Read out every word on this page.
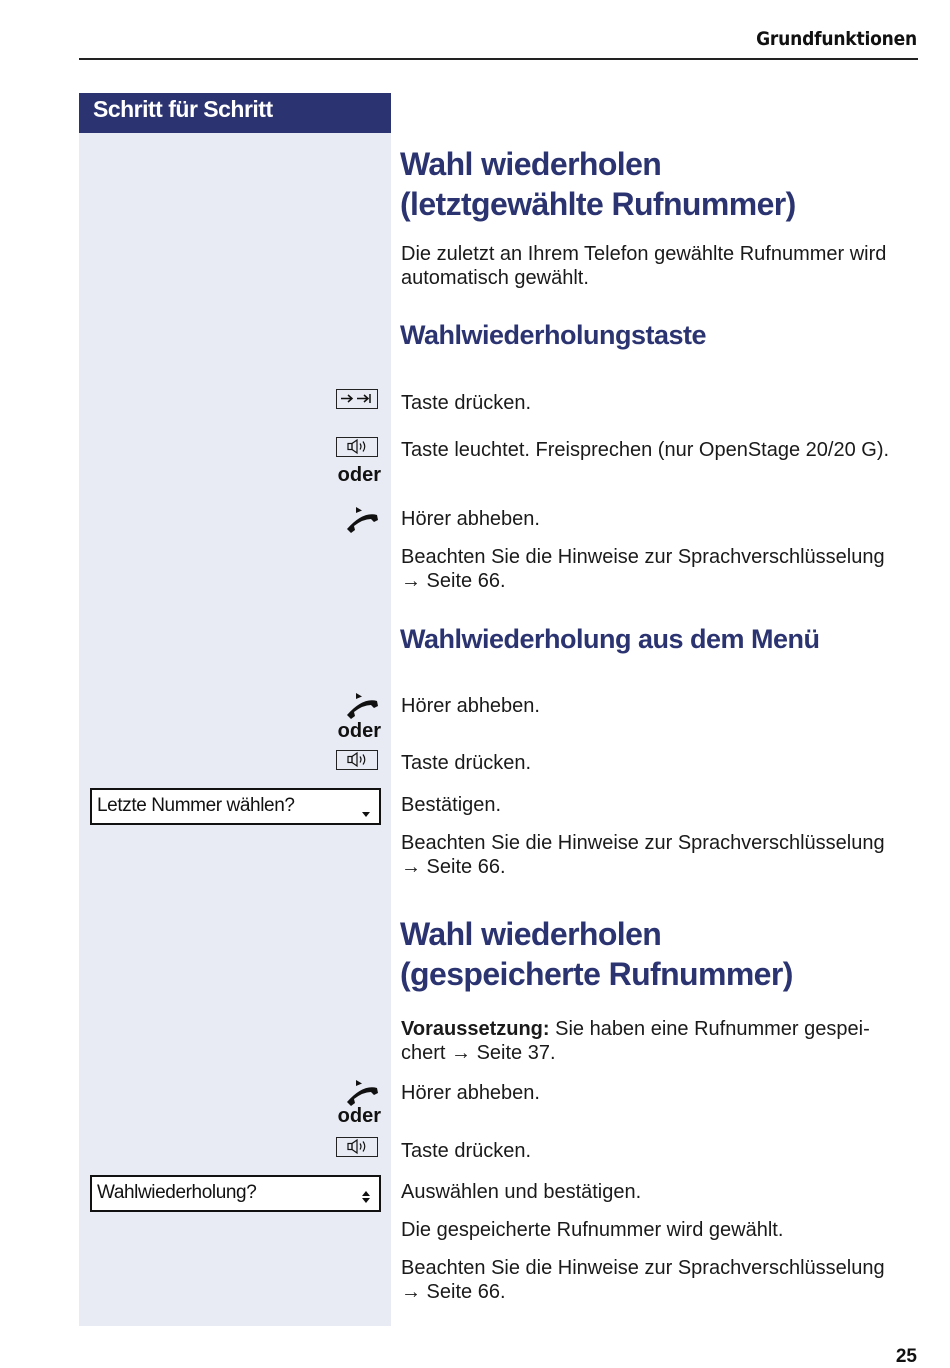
Grundfunktionen
Schritt für Schritt
Wahl wiederholen
(letztgewählte Rufnummer)
Die zuletzt an Ihrem Telefon gewählte Rufnummer wird
automatisch gewählt.
Wahlwiederholungstaste
Taste drücken.
Taste leuchtet. Freisprechen (nur OpenStage 20/20 G).
oder
Hörer abheben.
Beachten Sie die Hinweise zur Sprachverschlüsselung
→ Seite 66.
Wahlwiederholung aus dem Menü
Hörer abheben.
oder
Taste drücken.
Letzte Nummer wählen?	Bestätigen.
Beachten Sie die Hinweise zur Sprachverschlüsselung
→ Seite 66.
Wahl wiederholen
(gespeicherte Rufnummer)
Voraussetzung: Sie haben eine Rufnummer gespei-
chert → Seite 37.
Hörer abheben.
oder
Taste drücken.
Wahlwiederholung?	Auswählen und bestätigen.
Die gespeicherte Rufnummer wird gewählt.
Beachten Sie die Hinweise zur Sprachverschlüsselung
→ Seite 66.
25
